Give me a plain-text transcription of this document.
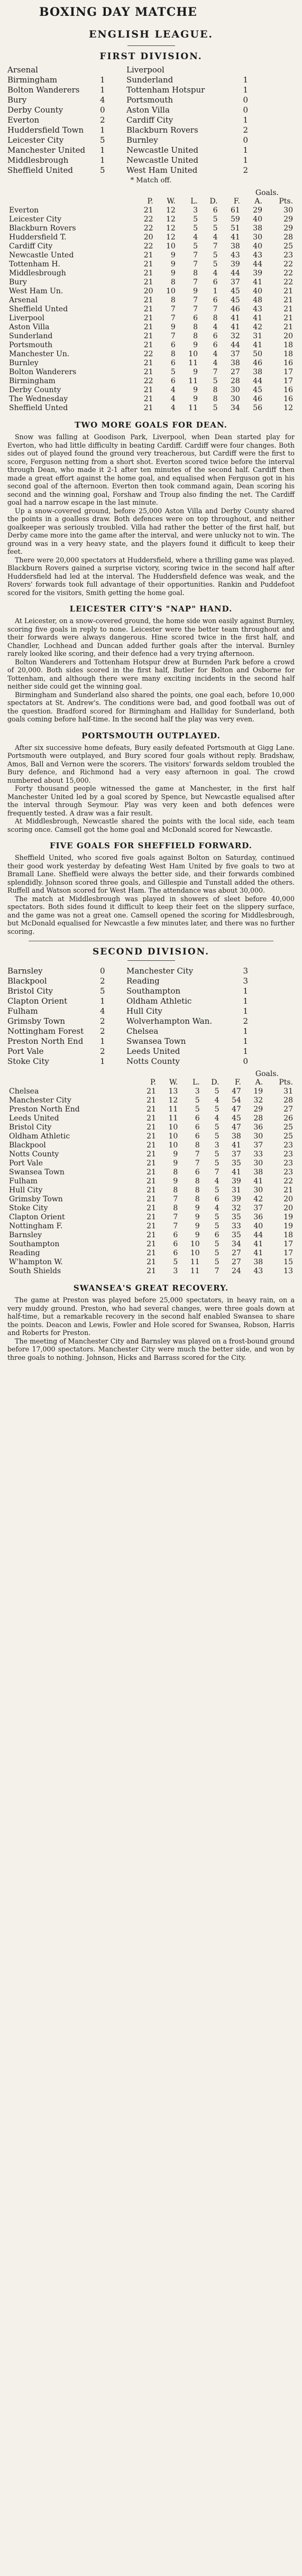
BOXING DAY MATCHE
ENGLISH LEAGUE.
FIRST DIVISION.
Arsenal	Liverpool
Birmingham	1	Sunderland	1
Bolton Wanderers	1	Tottenham Hotspur	1
Bury	4	Portsmouth	0
Derby County	0	Aston Villa	0
Everton	2	Cardiff City	1
Huddersfield Town	1	Blackburn Rovers	2
Leicester City	5	Burnley	0
Manchester United	1	Newcastle United	1
Middlesbrough	1	Newcastle United	1
Sheffield United	5	West Ham United	2
* Match off.
Goals.
	P.	W.	L.	D.	F.	A.	Pts.
Everton	21	12	3	6	61	29	30
Leicester City	22	12	5	5	59	40	29
Blackburn Rovers	22	12	5	5	51	38	29
Huddersfield T.	20	12	4	4	41	30	28
Cardiff City	22	10	5	7	38	40	25
Newcastle Unted	21	9	7	5	43	43	23
Tottenham H.	21	9	7	5	39	44	22
Middlesbrough	21	9	8	4	44	39	22
Bury	21	8	7	6	37	41	22
West Ham Un.	20	10	9	1	45	40	21
Arsenal	21	8	7	6	45	48	21
Sheffield Unted	21	7	7	7	46	43	21
Liverpool	21	7	6	8	41	41	21
Aston Villa	21	9	8	4	41	42	21
Sunderland	21	7	8	6	32	31	20
Portsmouth	21	6	9	6	44	41	18
Manchester Un.	22	8	10	4	37	50	18
Burnley	21	6	11	4	38	46	16
Bolton Wanderers	21	5	9	7	27	38	17
Birmingham	22	6	11	5	28	44	17
Derby County	21	4	9	8	30	45	16
The Wednesday	21	4	9	8	30	46	16
Sheffield Unted	21	4	11	5	34	56	12
TWO MORE GOALS FOR DEAN.

Snow was falling at Goodison Park, Liverpool, when Dean started play for Everton, who had little difficulty in beating Cardiff. Cardiff were four changes. Both sides out of played found the ground very treacherous, but Cardiff were the first to score, Ferguson netting from a short shot. Everton scored twice before the interval through Dean, who made it 2-1 after ten minutes of the second half. Cardiff then made a great effort against the home goal, and equalised when Ferguson got in his second goal of the afternoon. Everton then took command again, Dean scoring his second and the winning goal, Forshaw and Troup also finding the net. The Cardiff goal had a narrow escape in the last minute.

Up a snow-covered ground, before 25,000 Aston Villa and Derby County shared the points in a goalless draw. Both defences were on top throughout, and neither goalkeeper was seriously troubled. Villa had rather the better of the first half, but Derby came more into the game after the interval, and were unlucky not to win. The ground was in a very heavy state, and the players found it difficult to keep their feet.

There were 20,000 spectators at Huddersfield, where a thrilling game was played. Blackburn Rovers gained a surprise victory, scoring twice in the second half after Huddersfield had led at the interval. The Huddersfield defence was weak, and the Rovers' forwards took full advantage of their opportunities. Rankin and Puddefoot scored for the visitors, Smith getting the home goal.

LEICESTER CITY'S "NAP" HAND.

At Leicester, on a snow-covered ground, the home side won easily against Burnley, scoring five goals in reply to none. Leicester were the better team throughout and their forwards were always dangerous. Hine scored twice in the first half, and Chandler, Lochhead and Duncan added further goals after the interval. Burnley rarely looked like scoring, and their defence had a very trying afternoon.

Bolton Wanderers and Tottenham Hotspur drew at Burnden Park before a crowd of 20,000. Both sides scored in the first half, Butler for Bolton and Osborne for Tottenham, and although there were many exciting incidents in the second half neither side could get the winning goal.

Birmingham and Sunderland also shared the points, one goal each, before 10,000 spectators at St. Andrew's. The conditions were bad, and good football was out of the question. Bradford scored for Birmingham and Halliday for Sunderland, both goals coming before half-time. In the second half the play was very even.

PORTSMOUTH OUTPLAYED.

After six successive home defeats, Bury easily defeated Portsmouth at Gigg Lane. Portsmouth were outplayed, and Bury scored four goals without reply. Bradshaw, Amos, Ball and Vernon were the scorers. The visitors' forwards seldom troubled the Bury defence, and Richmond had a very easy afternoon in goal. The crowd numbered about 15,000.

Forty thousand people witnessed the game at Manchester, in the first half Manchester United led by a goal scored by Spence, but Newcastle equalised after the interval through Seymour. Play was very keen and both defences were frequently tested. A draw was a fair result.

At Middlesbrough, Newcastle shared the points with the local side, each team scoring once. Camsell got the home goal and McDonald scored for Newcastle.

FIVE GOALS FOR SHEFFIELD FORWARD.

Sheffield United, who scored five goals against Bolton on Saturday, continued their good work yesterday by defeating West Ham United by five goals to two at Bramall Lane. Sheffield were always the better side, and their forwards combined splendidly. Johnson scored three goals, and Gillespie and Tunstall added the others. Ruffell and Watson scored for West Ham. The attendance was about 30,000.

The match at Middlesbrough was played in showers of sleet before 40,000 spectators. Both sides found it difficult to keep their feet on the slippery surface, and the game was not a great one. Camsell opened the scoring for Middlesbrough, but McDonald equalised for Newcastle a few minutes later, and there was no further scoring.

SECOND DIVISION.
Barnsley	0	Manchester City	3
Blackpool	2	Reading	3
Bristol City	5	Southampton	1
Clapton Orient	1	Oldham Athletic	1
Fulham	4	Hull City	1
Grimsby Town	2	Wolverhampton Wan.	2
Nottingham Forest	2	Chelsea	1
Preston North End	1	Swansea Town	1
Port Vale	2	Leeds United	1
Stoke City	1	Notts County	0
Goals.
	P.	W.	L.	D.	F.	A.	Pts.
Chelsea	21	13	3	5	47	19	31
Manchester City	21	12	5	4	54	32	28
Preston North End	21	11	5	5	47	29	27
Leeds United	21	11	6	4	45	28	26
Bristol City	21	10	6	5	47	36	25
Oldham Athletic	21	10	6	5	38	30	25
Blackpool	21	10	8	3	41	37	23
Notts County	21	9	7	5	37	33	23
Port Vale	21	9	7	5	35	30	23
Swansea Town	21	8	6	7	41	38	23
Fulham	21	9	8	4	39	41	22
Hull City	21	8	8	5	31	30	21
Grimsby Town	21	7	8	6	39	42	20
Stoke City	21	8	9	4	32	37	20
Clapton Orient	21	7	9	5	35	36	19
Nottingham F.	21	7	9	5	33	40	19
Barnsley	21	6	9	6	35	44	18
Southampton	21	6	10	5	34	41	17
Reading	21	6	10	5	27	41	17
W'hampton W.	21	5	11	5	27	38	15
South Shields	21	3	11	7	24	43	13
SWANSEA'S GREAT RECOVERY.

The game at Preston was played before 25,000 spectators, in heavy rain, on a very muddy ground. Preston, who had several changes, were three goals down at half-time, but a remarkable recovery in the second half enabled Swansea to share the points. Deacon and Lewis, Fowler and Hole scored for Swansea, Robson, Harris and Roberts for Preston.

The meeting of Manchester City and Barnsley was played on a frost-bound ground before 17,000 spectators. Manchester City were much the better side, and won by three goals to nothing. Johnson, Hicks and Barrass scored for the City.
